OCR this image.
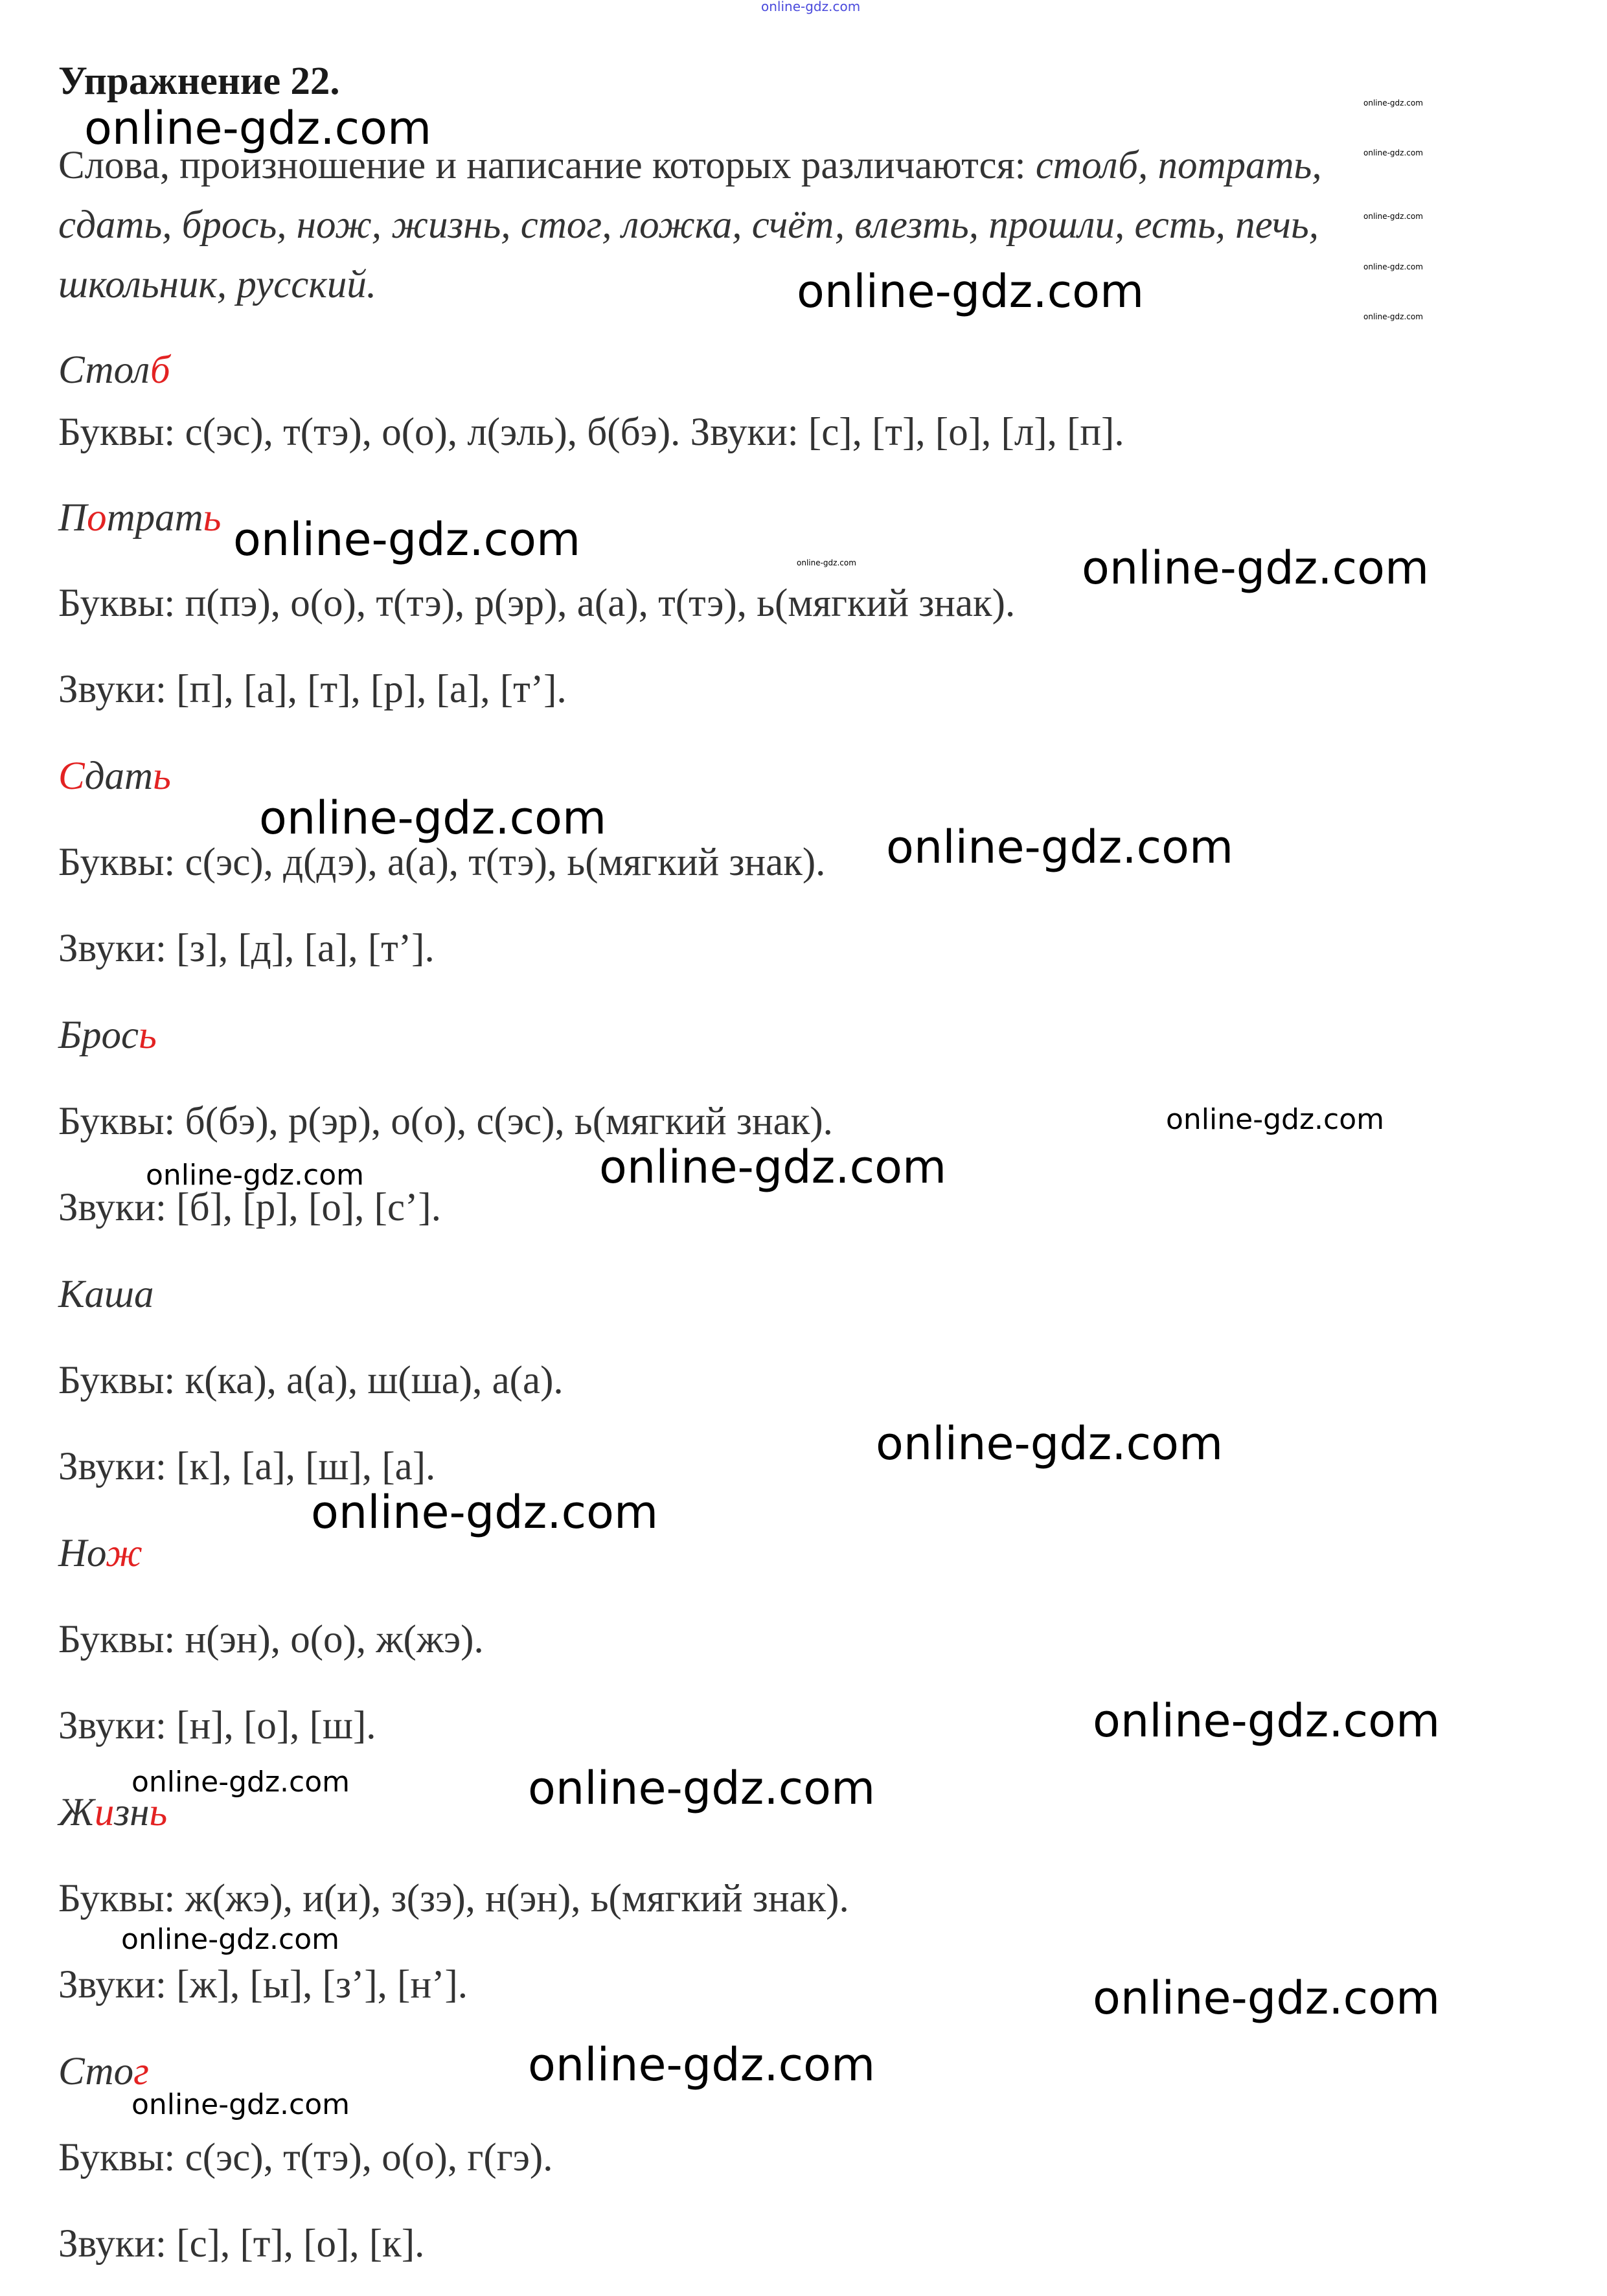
online-gdz.com
Упражнение 22.
Слова, произношение и написание которых различаются: столб, потрать,
сдать, брось, нож, жизнь, стог, ложка, счёт, влезть, прошли, есть, печь,
школьник, русский.
Столб
Буквы: с(эс), т(тэ), о(о), л(эль), б(бэ). Звуки: [с], [т], [о], [л], [п].
Потрать
Буквы: п(пэ), о(о), т(тэ), р(эр), а(а), т(тэ), ь(мягкий знак).
Звуки: [п], [а], [т], [р], [а], [т’].
Сдать
Буквы: с(эс), д(дэ), а(а), т(тэ), ь(мягкий знак).
Звуки: [з], [д], [а], [т’].
Брось
Буквы: б(бэ), р(эр), о(о), с(эс), ь(мягкий знак).
Звуки: [б], [р], [о], [с’].
Каша
Буквы: к(ка), а(а), ш(ша), а(а).
Звуки: [к], [а], [ш], [а].
Нож
Буквы: н(эн), о(о), ж(жэ).
Звуки: [н], [о], [ш].
Жизнь
Буквы: ж(жэ), и(и), з(зэ), н(эн), ь(мягкий знак).
Звуки: [ж], [ы], [з’], [н’].
Стог
Буквы: с(эс), т(тэ), о(о), г(гэ).
Звуки: [с], [т], [о], [к].
online-gdz.com
online-gdz.com
online-gdz.com
online-gdz.com
online-gdz.com
online-gdz.com
online-gdz.com
online-gdz.com
online-gdz.com
online-gdz.com
online-gdz.com
online-gdz.com
online-gdz.com	online-gdz.com
online-gdz.com
online-gdz.com
online-gdz.com
online-gdz.com
online-gdz.com
online-gdz.com
online-gdz.com
online-gdz.com
online-gdz.com
online-gdz.com
